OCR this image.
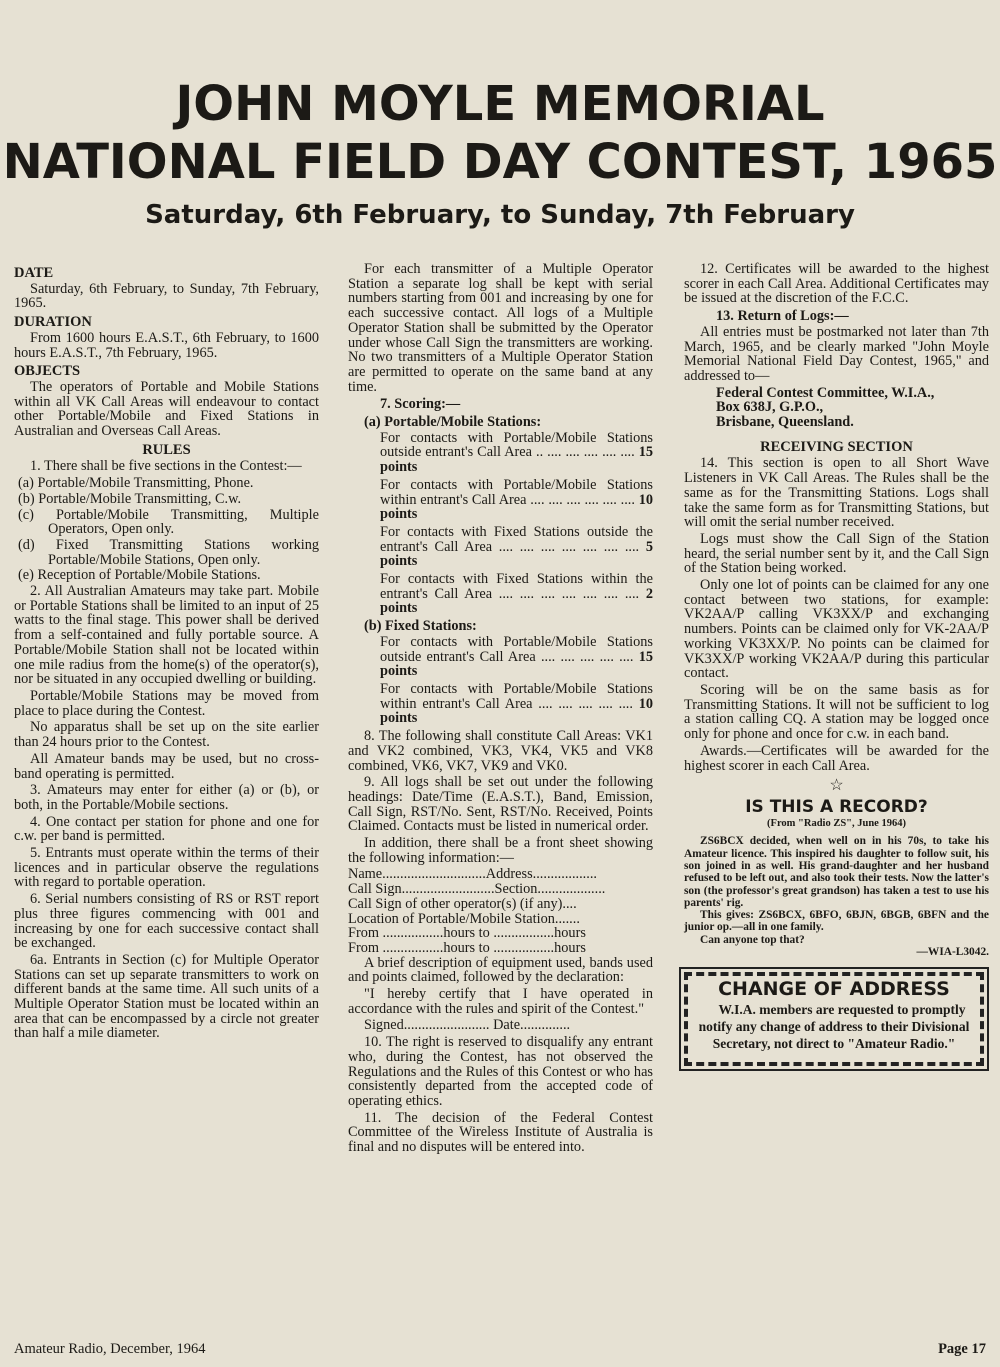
JOHN MOYLE MEMORIAL
NATIONAL FIELD DAY CONTEST, 1965
Saturday, 6th February, to Sunday, 7th February
DATE

Saturday, 6th February, to Sunday, 7th February, 1965.

DURATION

From 1600 hours E.A.S.T., 6th February, to 1600 hours E.A.S.T., 7th February, 1965.

OBJECTS

The operators of Portable and Mobile Stations within all VK Call Areas will endeavour to contact other Portable/Mobile and Fixed Stations in Australian and Overseas Call Areas.

RULES

1. There shall be five sections in the Contest:—

(a) Portable/Mobile Transmitting, Phone.

(b) Portable/Mobile Transmitting, C.w.

(c) Portable/Mobile Transmitting, Multiple Operators, Open only.

(d) Fixed Transmitting Stations working Portable/Mobile Stations, Open only.

(e) Reception of Portable/Mobile Stations.

2. All Australian Amateurs may take part. Mobile or Portable Stations shall be limited to an input of 25 watts to the final stage. This power shall be derived from a self-contained and fully portable source. A Portable/Mobile Station shall not be located within one mile radius from the home(s) of the operator(s), nor be situated in any occupied dwelling or building.

Portable/Mobile Stations may be moved from place to place during the Contest.

No apparatus shall be set up on the site earlier than 24 hours prior to the Contest.

All Amateur bands may be used, but no cross-band operating is permitted.

3. Amateurs may enter for either (a) or (b), or both, in the Portable/Mobile sections.

4. One contact per station for phone and one for c.w. per band is permitted.

5. Entrants must operate within the terms of their licences and in particular observe the regulations with regard to portable operation.

6. Serial numbers consisting of RS or RST report plus three figures commencing with 001 and increasing by one for each successive contact shall be exchanged.

6a. Entrants in Section (c) for Multiple Operator Stations can set up separate transmitters to work on different bands at the same time. All such units of a Multiple Operator Station must be located within an area that can be encompassed by a circle not greater than half a mile diameter.

For each transmitter of a Multiple Operator Station a separate log shall be kept with serial numbers starting from 001 and increasing by one for each successive contact. All logs of a Multiple Operator Station shall be submitted by the Operator under whose Call Sign the transmitters are working. No two transmitters of a Multiple Operator Station are permitted to operate on the same band at any time.

7. Scoring:—

(a) Portable/Mobile Stations:

For contacts with Portable/Mobile Stations outside entrant's Call Area .. .... .... .... .... .... 15 points

For contacts with Portable/Mobile Stations within entrant's Call Area .... .... .... .... .... .... 10 points

For contacts with Fixed Stations outside the entrant's Call Area .... .... .... .... .... .... .... 5 points

For contacts with Fixed Stations within the entrant's Call Area .... .... .... .... .... .... .... 2 points

(b) Fixed Stations:

For contacts with Portable/Mobile Stations outside entrant's Call Area .... .... .... .... .... 15 points

For contacts with Portable/Mobile Stations within entrant's Call Area .... .... .... .... .... 10 points

8. The following shall constitute Call Areas: VK1 and VK2 combined, VK3, VK4, VK5 and VK8 combined, VK6, VK7, VK9 and VK0.

9. All logs shall be set out under the following headings: Date/Time (E.A.S.T.), Band, Emission, Call Sign, RST/No. Sent, RST/No. Received, Points Claimed. Contacts must be listed in numerical order.

In addition, there shall be a front sheet showing the following information:—

Name.............................Address..................

Call Sign..........................Section...................

Call Sign of other operator(s) (if any)....

Location of Portable/Mobile Station.......

From .................hours to .................hours

From .................hours to .................hours

A brief description of equipment used, bands used and points claimed, followed by the declaration:

"I hereby certify that I have operated in accordance with the rules and spirit of the Contest."

Signed........................ Date..............

10. The right is reserved to disqualify any entrant who, during the Contest, has not observed the Regulations and the Rules of this Contest or who has consistently departed from the accepted code of operating ethics.

11. The decision of the Federal Contest Committee of the Wireless Institute of Australia is final and no disputes will be entered into.

12. Certificates will be awarded to the highest scorer in each Call Area. Additional Certificates may be issued at the discretion of the F.C.C.

13. Return of Logs:—

All entries must be postmarked not later than 7th March, 1965, and be clearly marked "John Moyle Memorial National Field Day Contest, 1965," and addressed to—

Federal Contest Committee, W.I.A.,

Box 638J, G.P.O.,

Brisbane, Queensland.

RECEIVING SECTION

14. This section is open to all Short Wave Listeners in VK Call Areas. The Rules shall be the same as for the Transmitting Stations. Logs shall take the same form as for Transmitting Stations, but will omit the serial number received.

Logs must show the Call Sign of the Station heard, the serial number sent by it, and the Call Sign of the Station being worked.

Only one lot of points can be claimed for any one contact between two stations, for example: VK2AA/P calling VK3XX/P and exchanging numbers. Points can be claimed only for VK-2AA/P working VK3XX/P. No points can be claimed for VK3XX/P working VK2AA/P during this particular contact.

Scoring will be on the same basis as for Transmitting Stations. It will not be sufficient to log a station calling CQ. A station may be logged once only for phone and once for c.w. in each band.

Awards.—Certificates will be awarded for the highest scorer in each Call Area.

☆
IS THIS A RECORD?
(From "Radio ZS", June 1964)

ZS6BCX decided, when well on in his 70s, to take his Amateur licence. This inspired his daughter to follow suit, his son joined in as well. His grand-daughter and her husband refused to be left out, and also took their tests. Now the latter's son (the professor's great grandson) has taken a test to use his parents' rig.

This gives: ZS6BCX, 6BFO, 6BJN, 6BGB, 6BFN and the junior op.—all in one family.

Can anyone top that?

—WIA-L3042.

CHANGE OF ADDRESS

W.I.A. members are requested to promptly notify any change of address to their Divisional Secretary, not direct to "Amateur Radio."

Amateur Radio, December, 1964	Page 17
